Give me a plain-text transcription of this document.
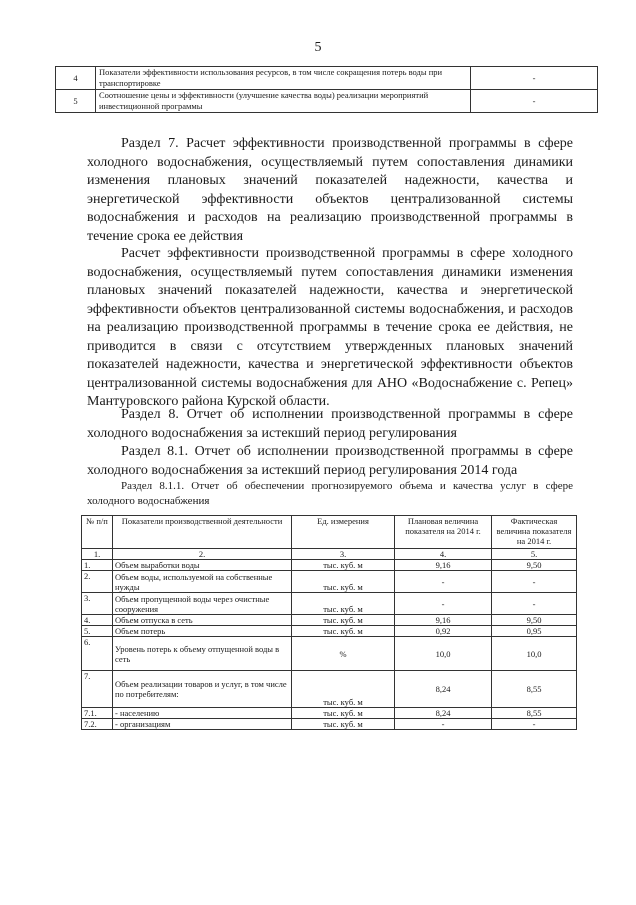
5
4	Показатели эффективности использования ресурсов, в том числе сокращения потерь воды при транспортировке	-
5	Соотношение цены и эффективности (улучшение качества воды) реализации мероприятий инвестиционной программы	-
Раздел 7. Расчет эффективности производственной программы в сфере холодного водоснабжения, осуществляемый путем сопоставления динамики изменения плановых значений показателей надежности, качества и энергетической эффективности объектов централизованной системы водоснабжения и расходов на реализацию производственной программы в течение срока ее действия
Расчет эффективности производственной программы в сфере холодного водоснабжения, осуществляемый путем сопоставления динамики изменения плановых значений показателей надежности, качества и энергетической эффективности объектов централизованной системы водоснабжения, и расходов на реализацию производственной программы в течение срока ее действия, не приводится в связи с отсутствием утвержденных плановых значений показателей надежности, качества и энергетической эффективности объектов централизованной системы водоснабжения для АНО «Водоснабжение с. Репец» Мантуровского района Курской области.
Раздел 8. Отчет об исполнении производственной программы в сфере холодного водоснабжения за истекший период регулирования
Раздел 8.1. Отчет об исполнении производственной программы в сфере холодного водоснабжения за истекший период регулирования 2014 года
Раздел 8.1.1. Отчет об обеспечении прогнозируемого объема и качества услуг в сфере холодного водоснабжения
№ п/п	Показатели производственной деятельности	Ед. измерения	Плановая величина показателя на 2014 г.	Фактическая величина показателя на 2014 г.
1.	2.	3.	4.	5.
1.	Объем выработки воды	тыс. куб. м	9,16	9,50
2.	Объем воды, используемой на собственные нужды	тыс. куб. м	-	-
3.	Объем пропущенной воды через очистные сооружения	тыс. куб. м	-	-
4.	Объем отпуска в сеть	тыс. куб. м	9,16	9,50
5.	Объем потерь	тыс. куб. м	0,92	0,95
6.	Уровень потерь к объему отпущенной воды в сеть	%	10,0	10,0
7.	Объем реализации товаров и услуг, в том числе по потребителям:	тыс. куб. м	8,24	8,55
7.1.	- населению	тыс. куб. м	8,24	8,55
7.2.	- организациям	тыс. куб. м	-	-
